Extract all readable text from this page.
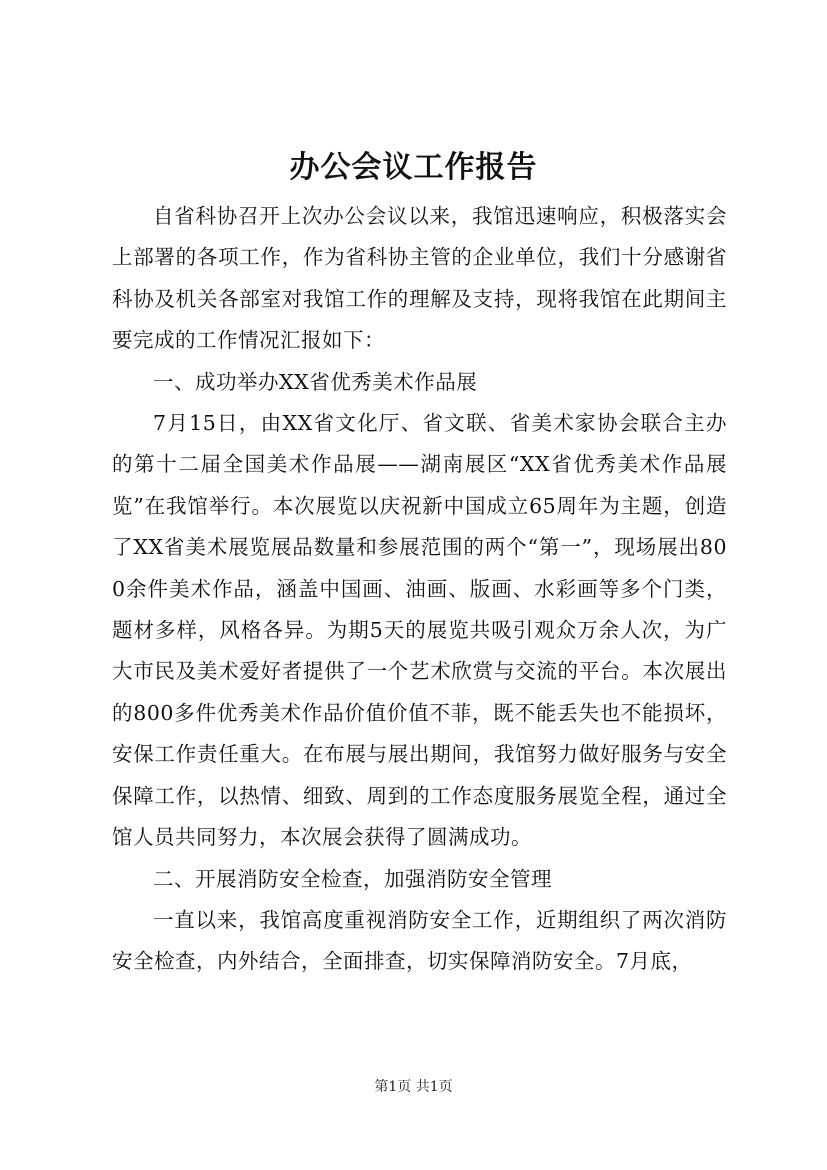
办公会议工作报告

自省科协召开上次办公会议以来，我馆迅速响应，积极落实会上部署的各项工作，作为省科协主管的企业单位，我们十分感谢省科协及机关各部室对我馆工作的理解及支持，现将我馆在此期间主要完成的工作情况汇报如下：

一、成功举办XX省优秀美术作品展

7月15日，由XX省文化厅、省文联、省美术家协会联合主办的第十二届全国美术作品展——湖南展区“XX省优秀美术作品展览”在我馆举行。本次展览以庆祝新中国成立65周年为主题，创造了XX省美术展览展品数量和参展范围的两个“第一”，现场展出800余件美术作品，涵盖中国画、油画、版画、水彩画等多个门类，题材多样，风格各异。为期5天的展览共吸引观众万余人次，为广大市民及美术爱好者提供了一个艺术欣赏与交流的平台。本次展出的800多件优秀美术作品价值价值不菲，既不能丢失也不能损坏，安保工作责任重大。在布展与展出期间，我馆努力做好服务与安全保障工作，以热情、细致、周到的工作态度服务展览全程，通过全馆人员共同努力，本次展会获得了圆满成功。

二、开展消防安全检查，加强消防安全管理

一直以来，我馆高度重视消防安全工作，近期组织了两次消防安全检查，内外结合，全面排查，切实保障消防安全。7月底，

第1页 共1页
